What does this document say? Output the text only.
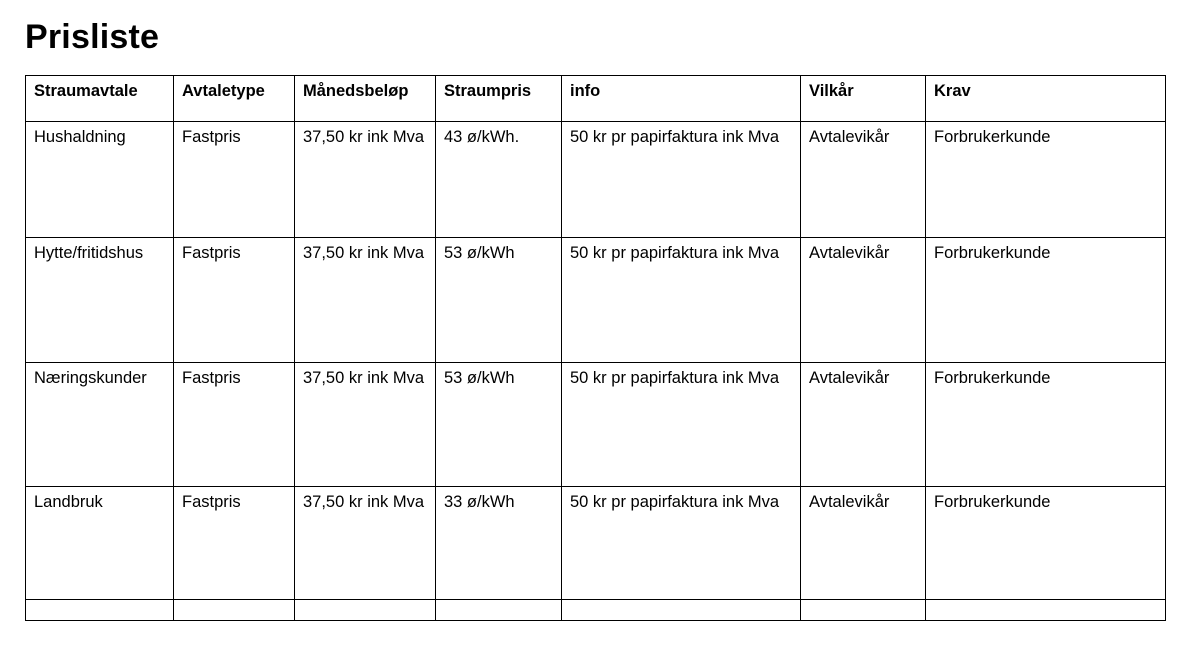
Prisliste
Straumavtale	Avtaletype	Månedsbeløp	Straumpris	info	Vilkår	Krav
Hushaldning	Fastpris	37,50 kr ink Mva	43 ø/kWh.	50 kr pr papirfaktura ink Mva	Avtalevikår	Forbrukerkunde
Hytte/fritidshus	Fastpris	37,50 kr ink Mva	53 ø/kWh	50 kr pr papirfaktura ink Mva	Avtalevikår	Forbrukerkunde
Næringskunder	Fastpris	37,50 kr ink Mva	53 ø/kWh	50 kr pr papirfaktura ink Mva	Avtalevikår	Forbrukerkunde
Landbruk	Fastpris	37,50 kr ink Mva	33 ø/kWh	50 kr pr papirfaktura ink Mva	Avtalevikår	Forbrukerkunde
